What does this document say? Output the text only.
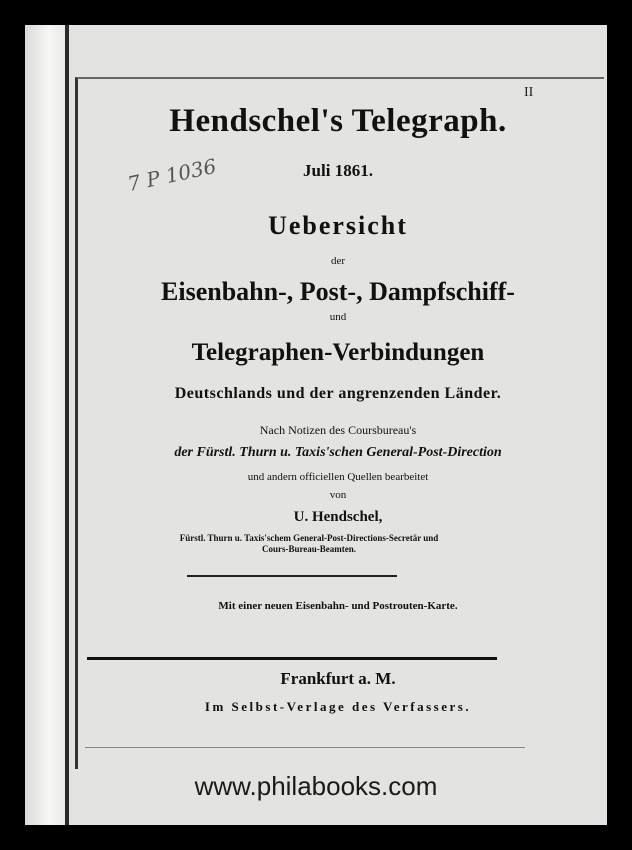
II
Hendschel's Telegraph.
7 P 1036	Juli 1861.
Uebersicht
der
Eisenbahn-, Post-, Dampfschiff-
und
Telegraphen-Verbindungen
Deutschlands und der angrenzenden Länder.
Nach Notizen des Coursbureau's
der Fürstl. Thurn u. Taxis'schen General-Post-Direction
und andern officiellen Quellen bearbeitet
von
U. Hendschel,
Fürstl. Thurn u. Taxis'schem General-Post-Directions-Secretär und Cours-Bureau-Beamten.
Mit einer neuen Eisenbahn- und Postrouten-Karte.
Frankfurt a. M.
Im Selbst-Verlage des Verfassers.
www.philabooks.com
